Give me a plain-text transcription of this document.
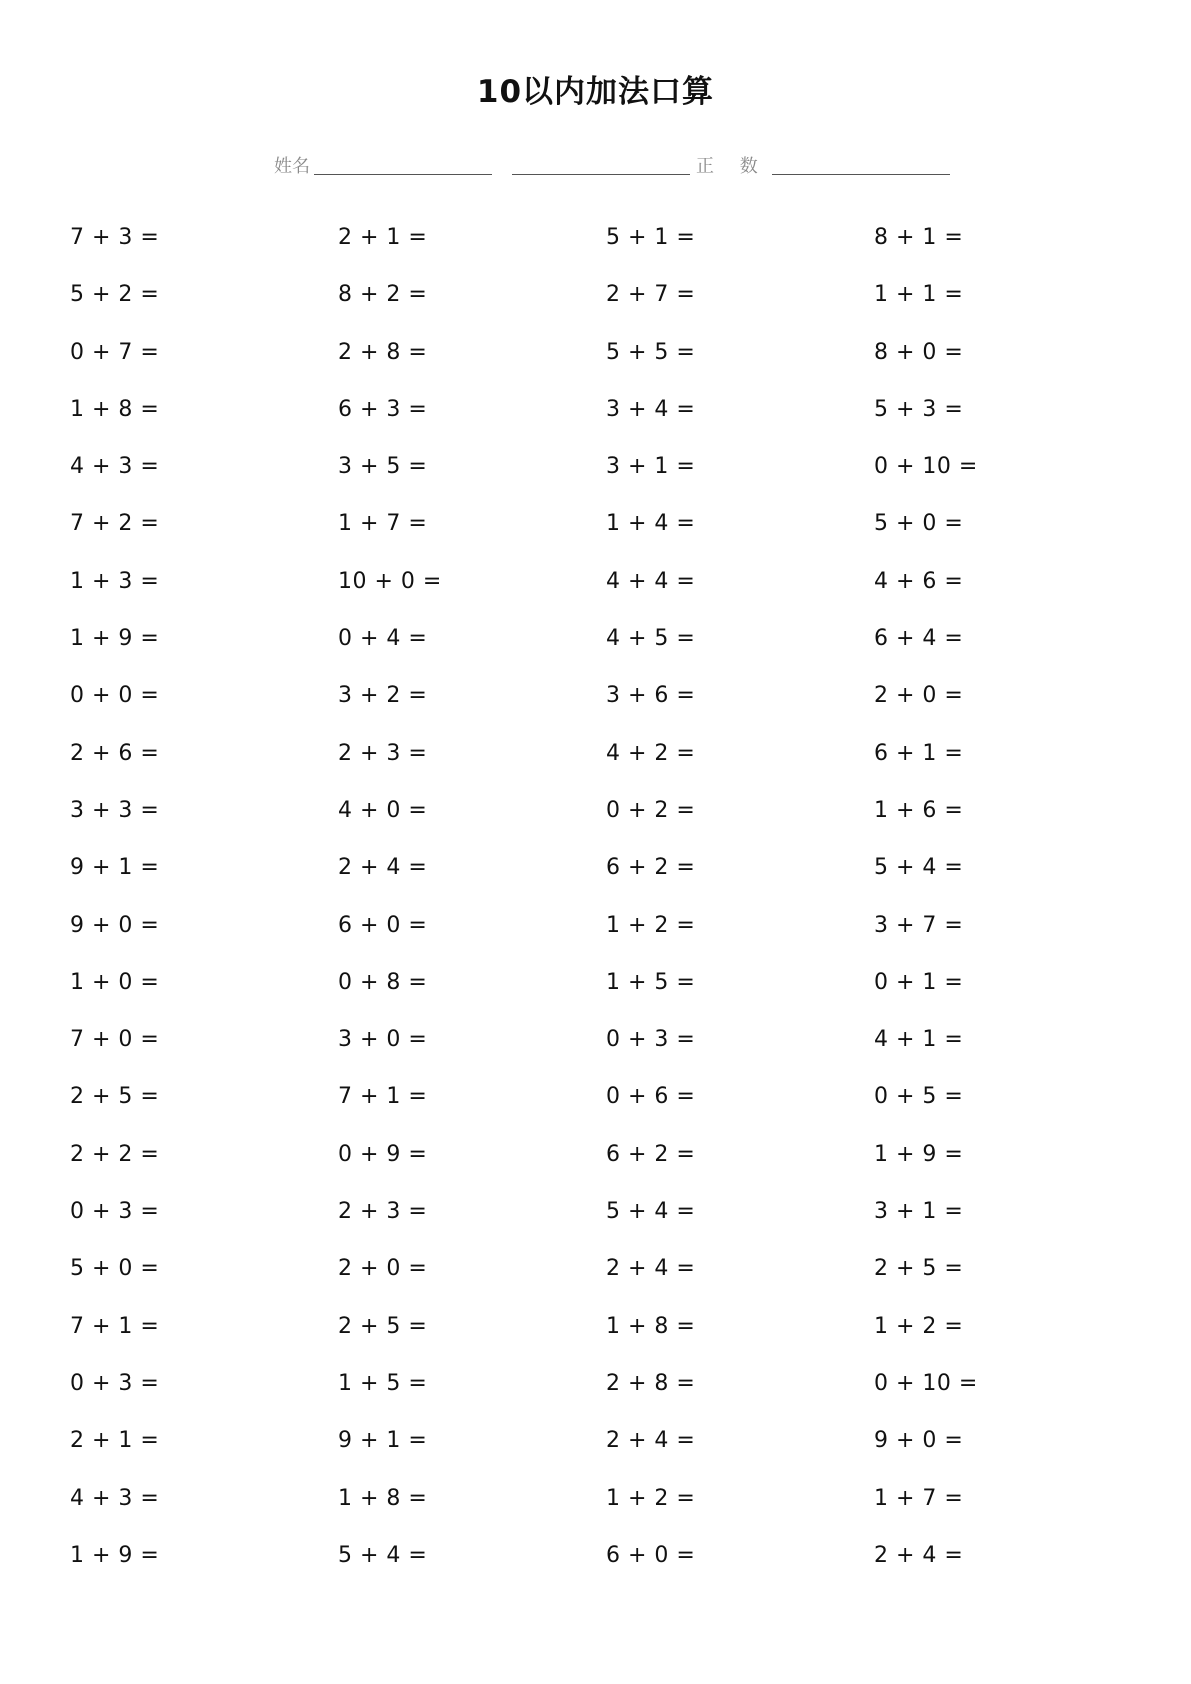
10以内加法口算
姓名	正 数
7 + 3 =	2 + 1 =	5 + 1 =	8 + 1 =
5 + 2 =	8 + 2 =	2 + 7 =	1 + 1 =
0 + 7 =	2 + 8 =	5 + 5 =	8 + 0 =
1 + 8 =	6 + 3 =	3 + 4 =	5 + 3 =
4 + 3 =	3 + 5 =	3 + 1 =	0 + 10 =
7 + 2 =	1 + 7 =	1 + 4 =	5 + 0 =
1 + 3 =	10 + 0 =	4 + 4 =	4 + 6 =
1 + 9 =	0 + 4 =	4 + 5 =	6 + 4 =
0 + 0 =	3 + 2 =	3 + 6 =	2 + 0 =
2 + 6 =	2 + 3 =	4 + 2 =	6 + 1 =
3 + 3 =	4 + 0 =	0 + 2 =	1 + 6 =
9 + 1 =	2 + 4 =	6 + 2 =	5 + 4 =
9 + 0 =	6 + 0 =	1 + 2 =	3 + 7 =
1 + 0 =	0 + 8 =	1 + 5 =	0 + 1 =
7 + 0 =	3 + 0 =	0 + 3 =	4 + 1 =
2 + 5 =	7 + 1 =	0 + 6 =	0 + 5 =
2 + 2 =	0 + 9 =	6 + 2 =	1 + 9 =
0 + 3 =	2 + 3 =	5 + 4 =	3 + 1 =
5 + 0 =	2 + 0 =	2 + 4 =	2 + 5 =
7 + 1 =	2 + 5 =	1 + 8 =	1 + 2 =
0 + 3 =	1 + 5 =	2 + 8 =	0 + 10 =
2 + 1 =	9 + 1 =	2 + 4 =	9 + 0 =
4 + 3 =	1 + 8 =	1 + 2 =	1 + 7 =
1 + 9 =	5 + 4 =	6 + 0 =	2 + 4 =
